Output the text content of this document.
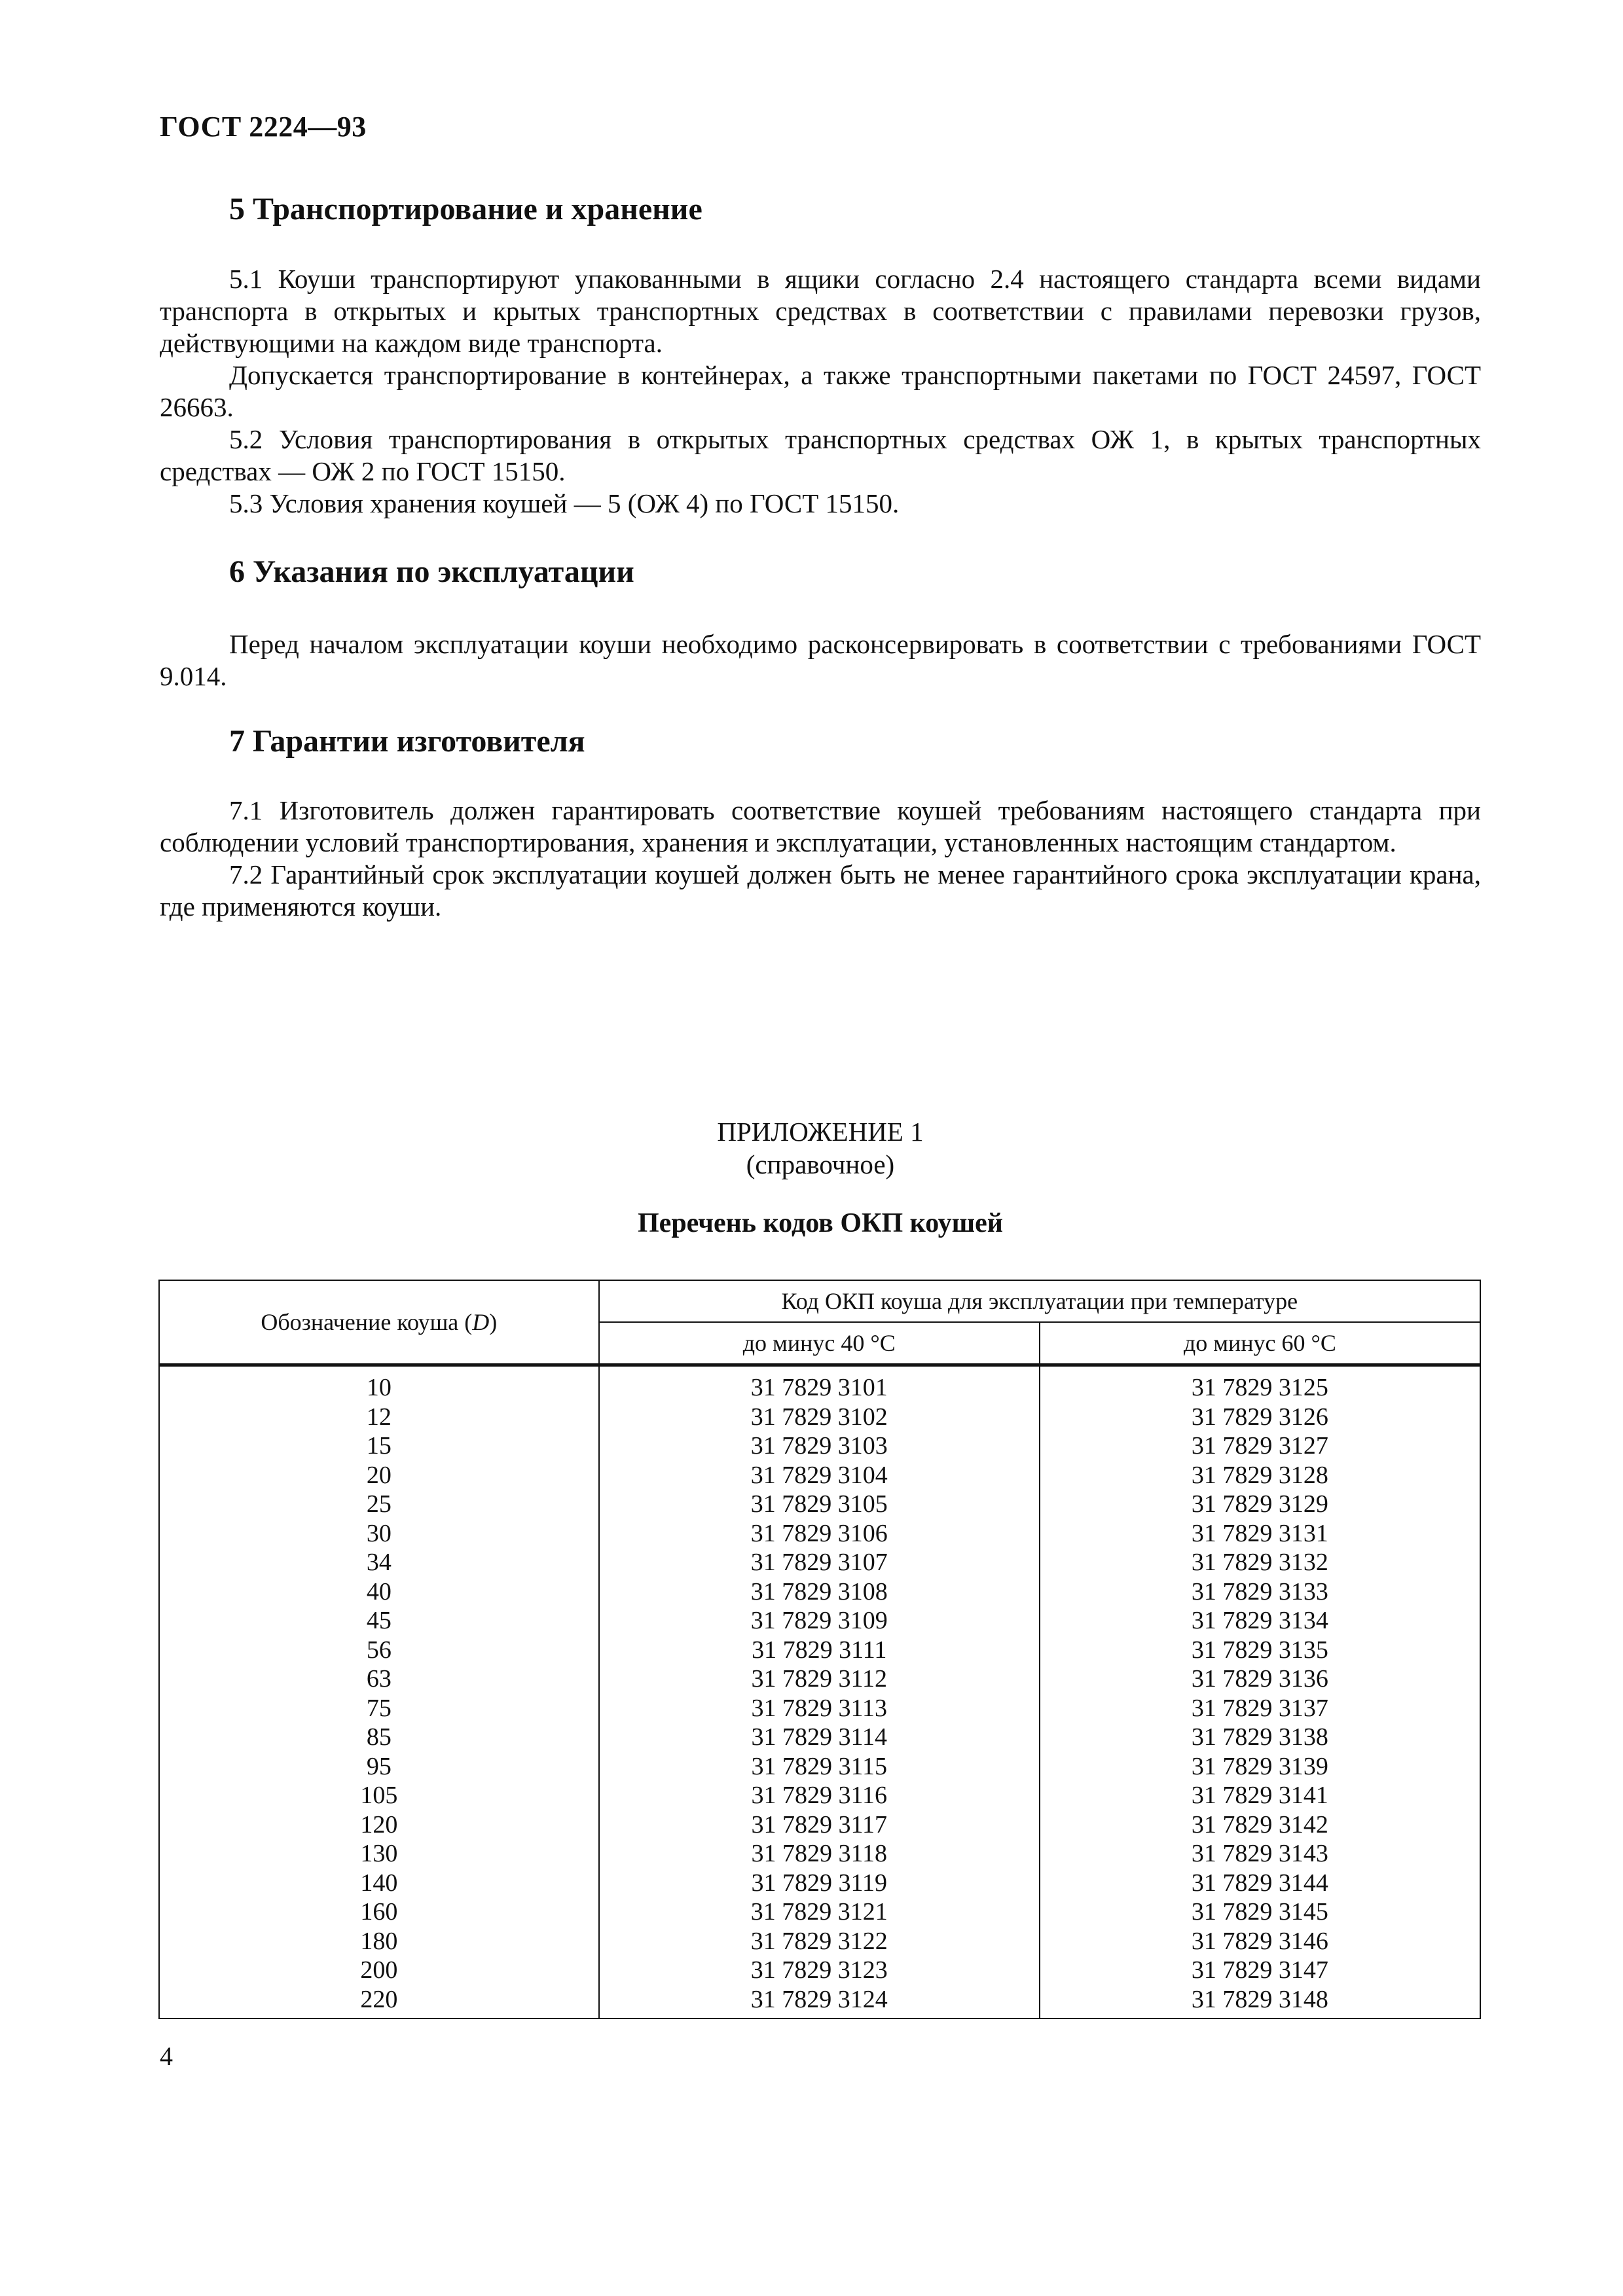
ГОСТ 2224—93
5 Транспортирование и хранение

5.1 Коуши транспортируют упакованными в ящики согласно 2.4 настоящего стандарта всеми видами транспорта в открытых и крытых транспортных средствах в соответствии с правилами перевозки грузов, действующими на каждом виде транспорта.

Допускается транспортирование в контейнерах, а также транспортными пакетами по ГОСТ 24597, ГОСТ 26663.

5.2 Условия транспортирования в открытых транспортных средствах ОЖ 1, в крытых транспортных средствах — ОЖ 2 по ГОСТ 15150.

5.3 Условия хранения коушей — 5 (ОЖ 4) по ГОСТ 15150.

6 Указания по эксплуатации

Перед началом эксплуатации коуши необходимо расконсервировать в соответствии с требованиями ГОСТ 9.014.

7 Гарантии изготовителя

7.1 Изготовитель должен гарантировать соответствие коушей требованиям настоящего стандарта при соблюдении условий транспортирования, хранения и эксплуатации, установленных настоящим стандартом.

7.2 Гарантийный срок эксплуатации коушей должен быть не менее гарантийного срока эксплуатации крана, где применяются коуши.

ПРИЛОЖЕНИЕ 1
(справочное)
Перечень кодов ОКП коушей
Обозначение коуша (D)	Код ОКП коуша для эксплуатации при температуре	
	до минус 40 °С	до минус 60 °С
10	31 7829 3101	31 7829 3125
12	31 7829 3102	31 7829 3126
15	31 7829 3103	31 7829 3127
20	31 7829 3104	31 7829 3128
25	31 7829 3105	31 7829 3129
30	31 7829 3106	31 7829 3131
34	31 7829 3107	31 7829 3132
40	31 7829 3108	31 7829 3133
45	31 7829 3109	31 7829 3134
56	31 7829 3111	31 7829 3135
63	31 7829 3112	31 7829 3136
75	31 7829 3113	31 7829 3137
85	31 7829 3114	31 7829 3138
95	31 7829 3115	31 7829 3139
105	31 7829 3116	31 7829 3141
120	31 7829 3117	31 7829 3142
130	31 7829 3118	31 7829 3143
140	31 7829 3119	31 7829 3144
160	31 7829 3121	31 7829 3145
180	31 7829 3122	31 7829 3146
200	31 7829 3123	31 7829 3147
220	31 7829 3124	31 7829 3148
4
